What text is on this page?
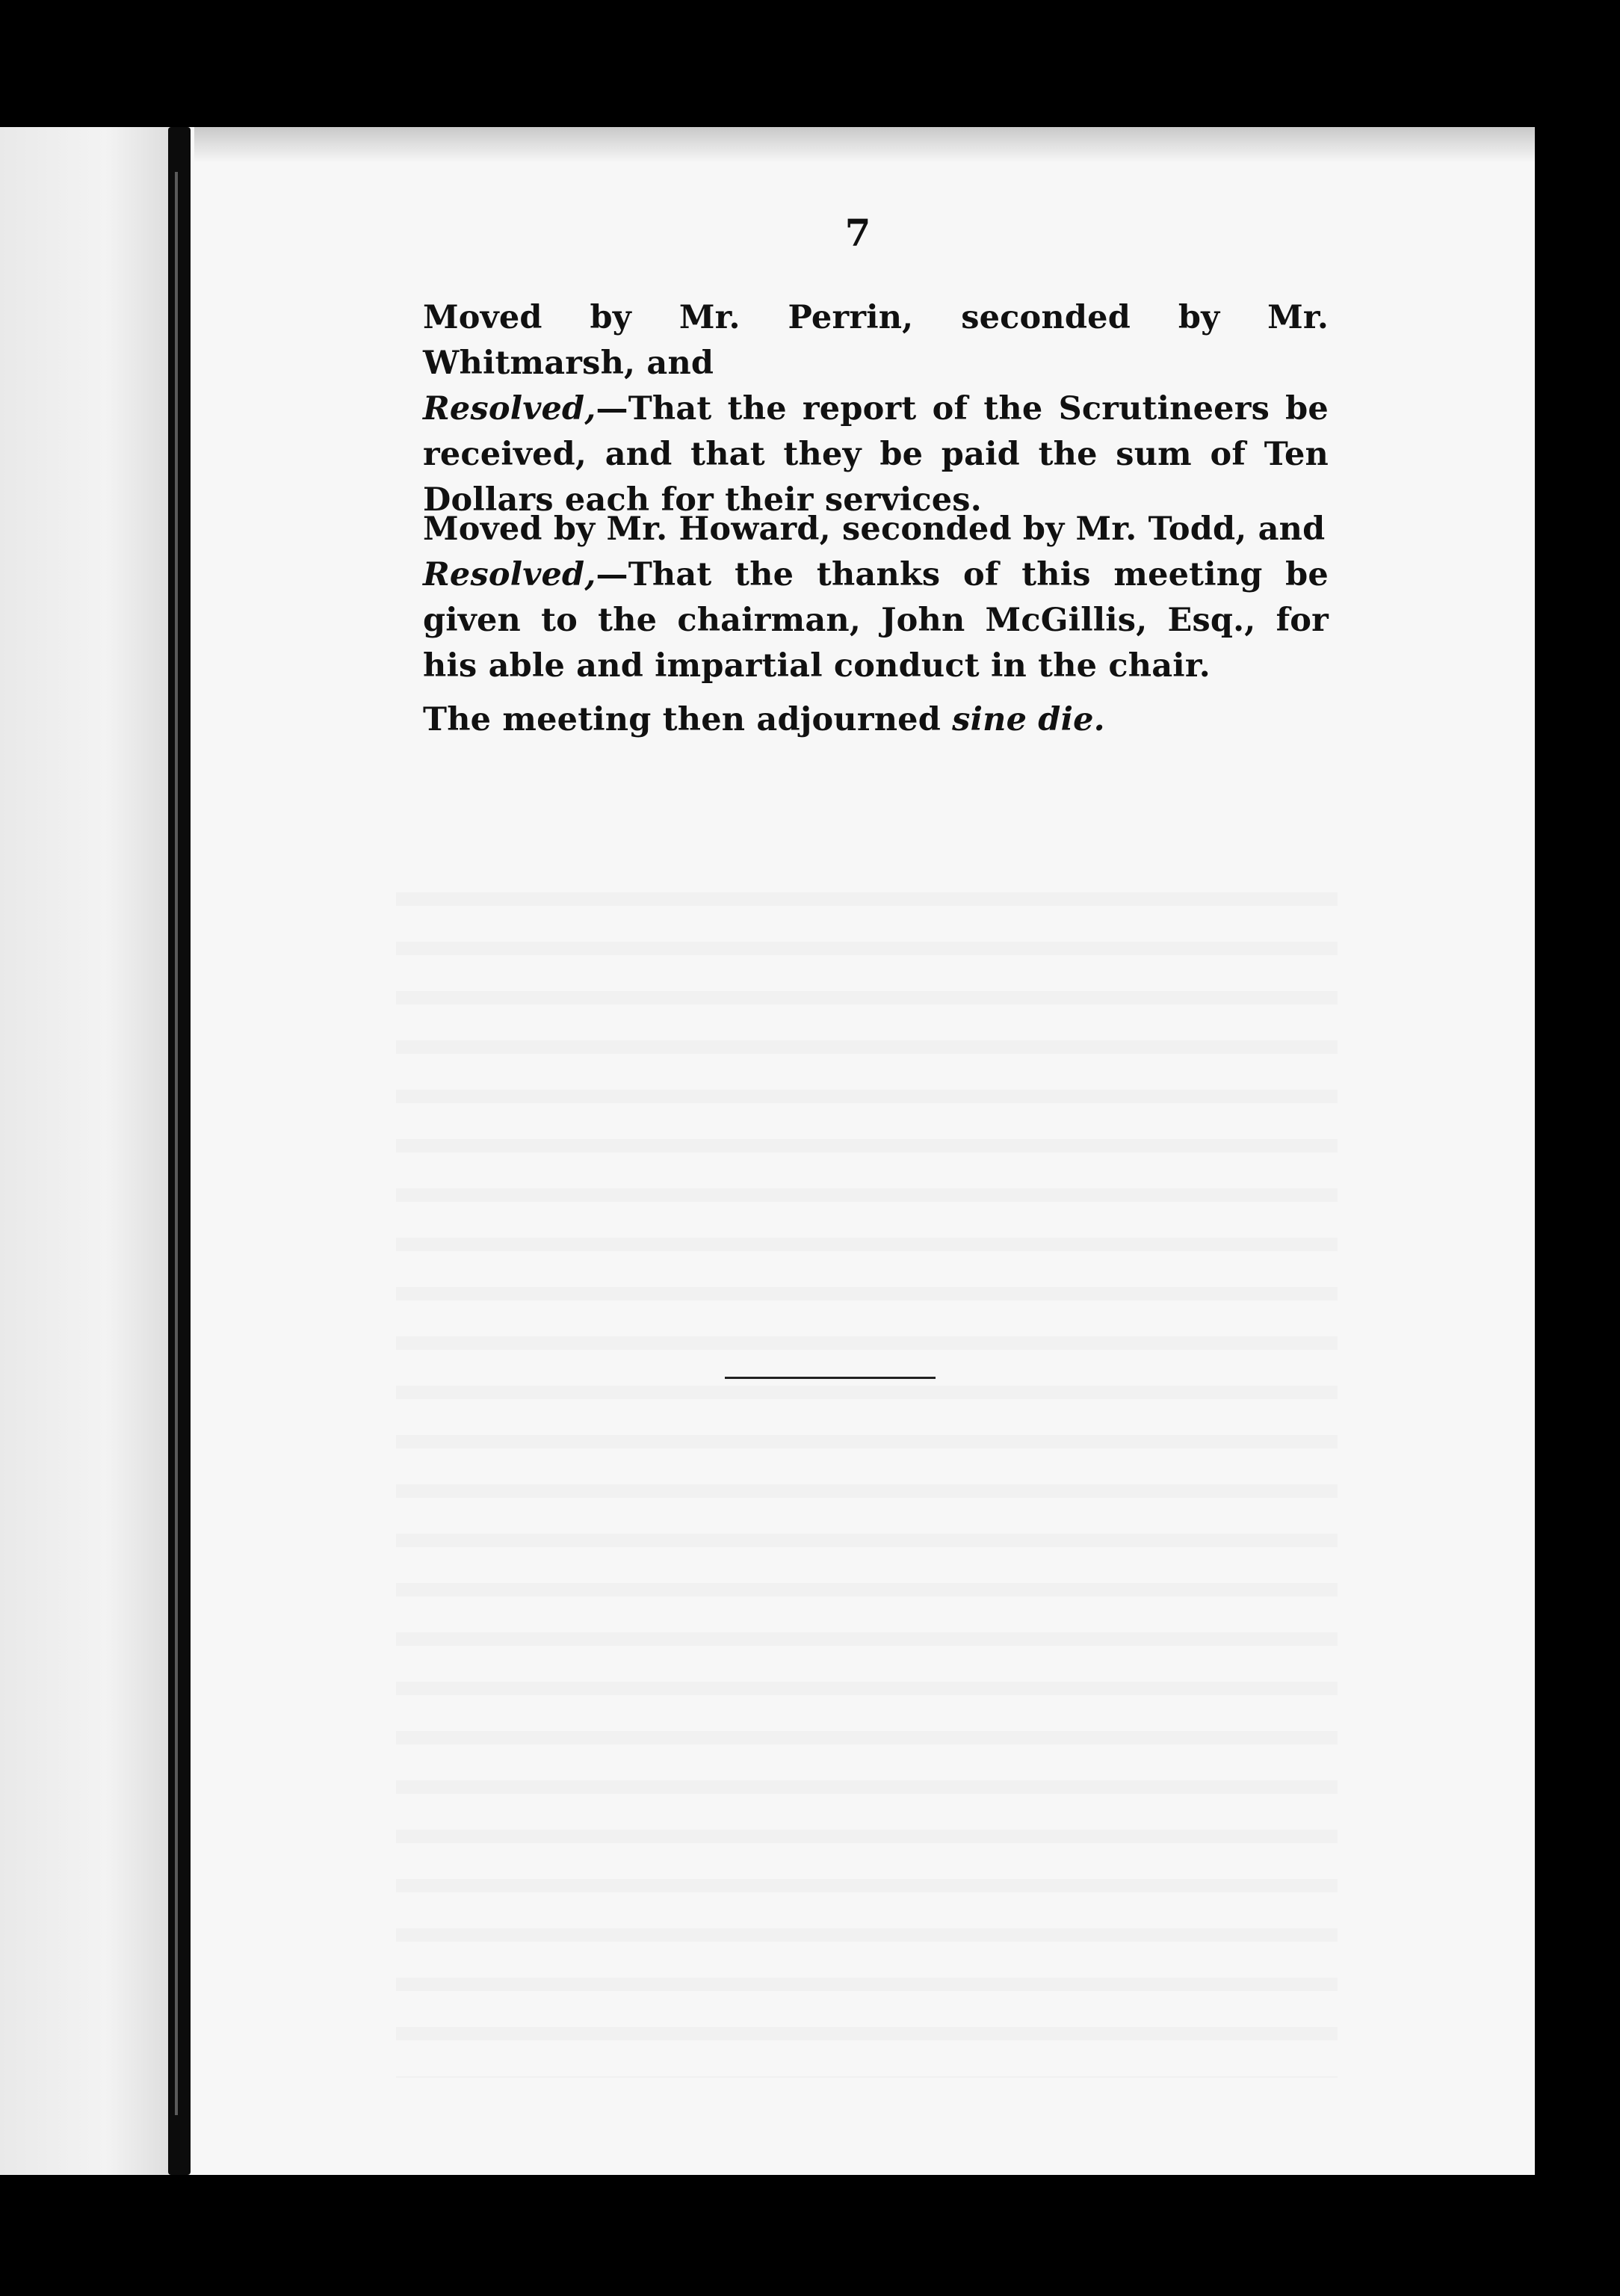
7

Moved by Mr. Perrin, seconded by Mr. Whitmarsh, and

Resolved,—That the report of the Scrutineers be received, and that they be paid the sum of Ten Dollars each for their services.

Moved by Mr. Howard, seconded by Mr. Todd, and

Resolved,—That the thanks of this meeting be given to the chairman, John McGillis, Esq., for his able and impartial conduct in the chair.

The meeting then adjourned sine die.
